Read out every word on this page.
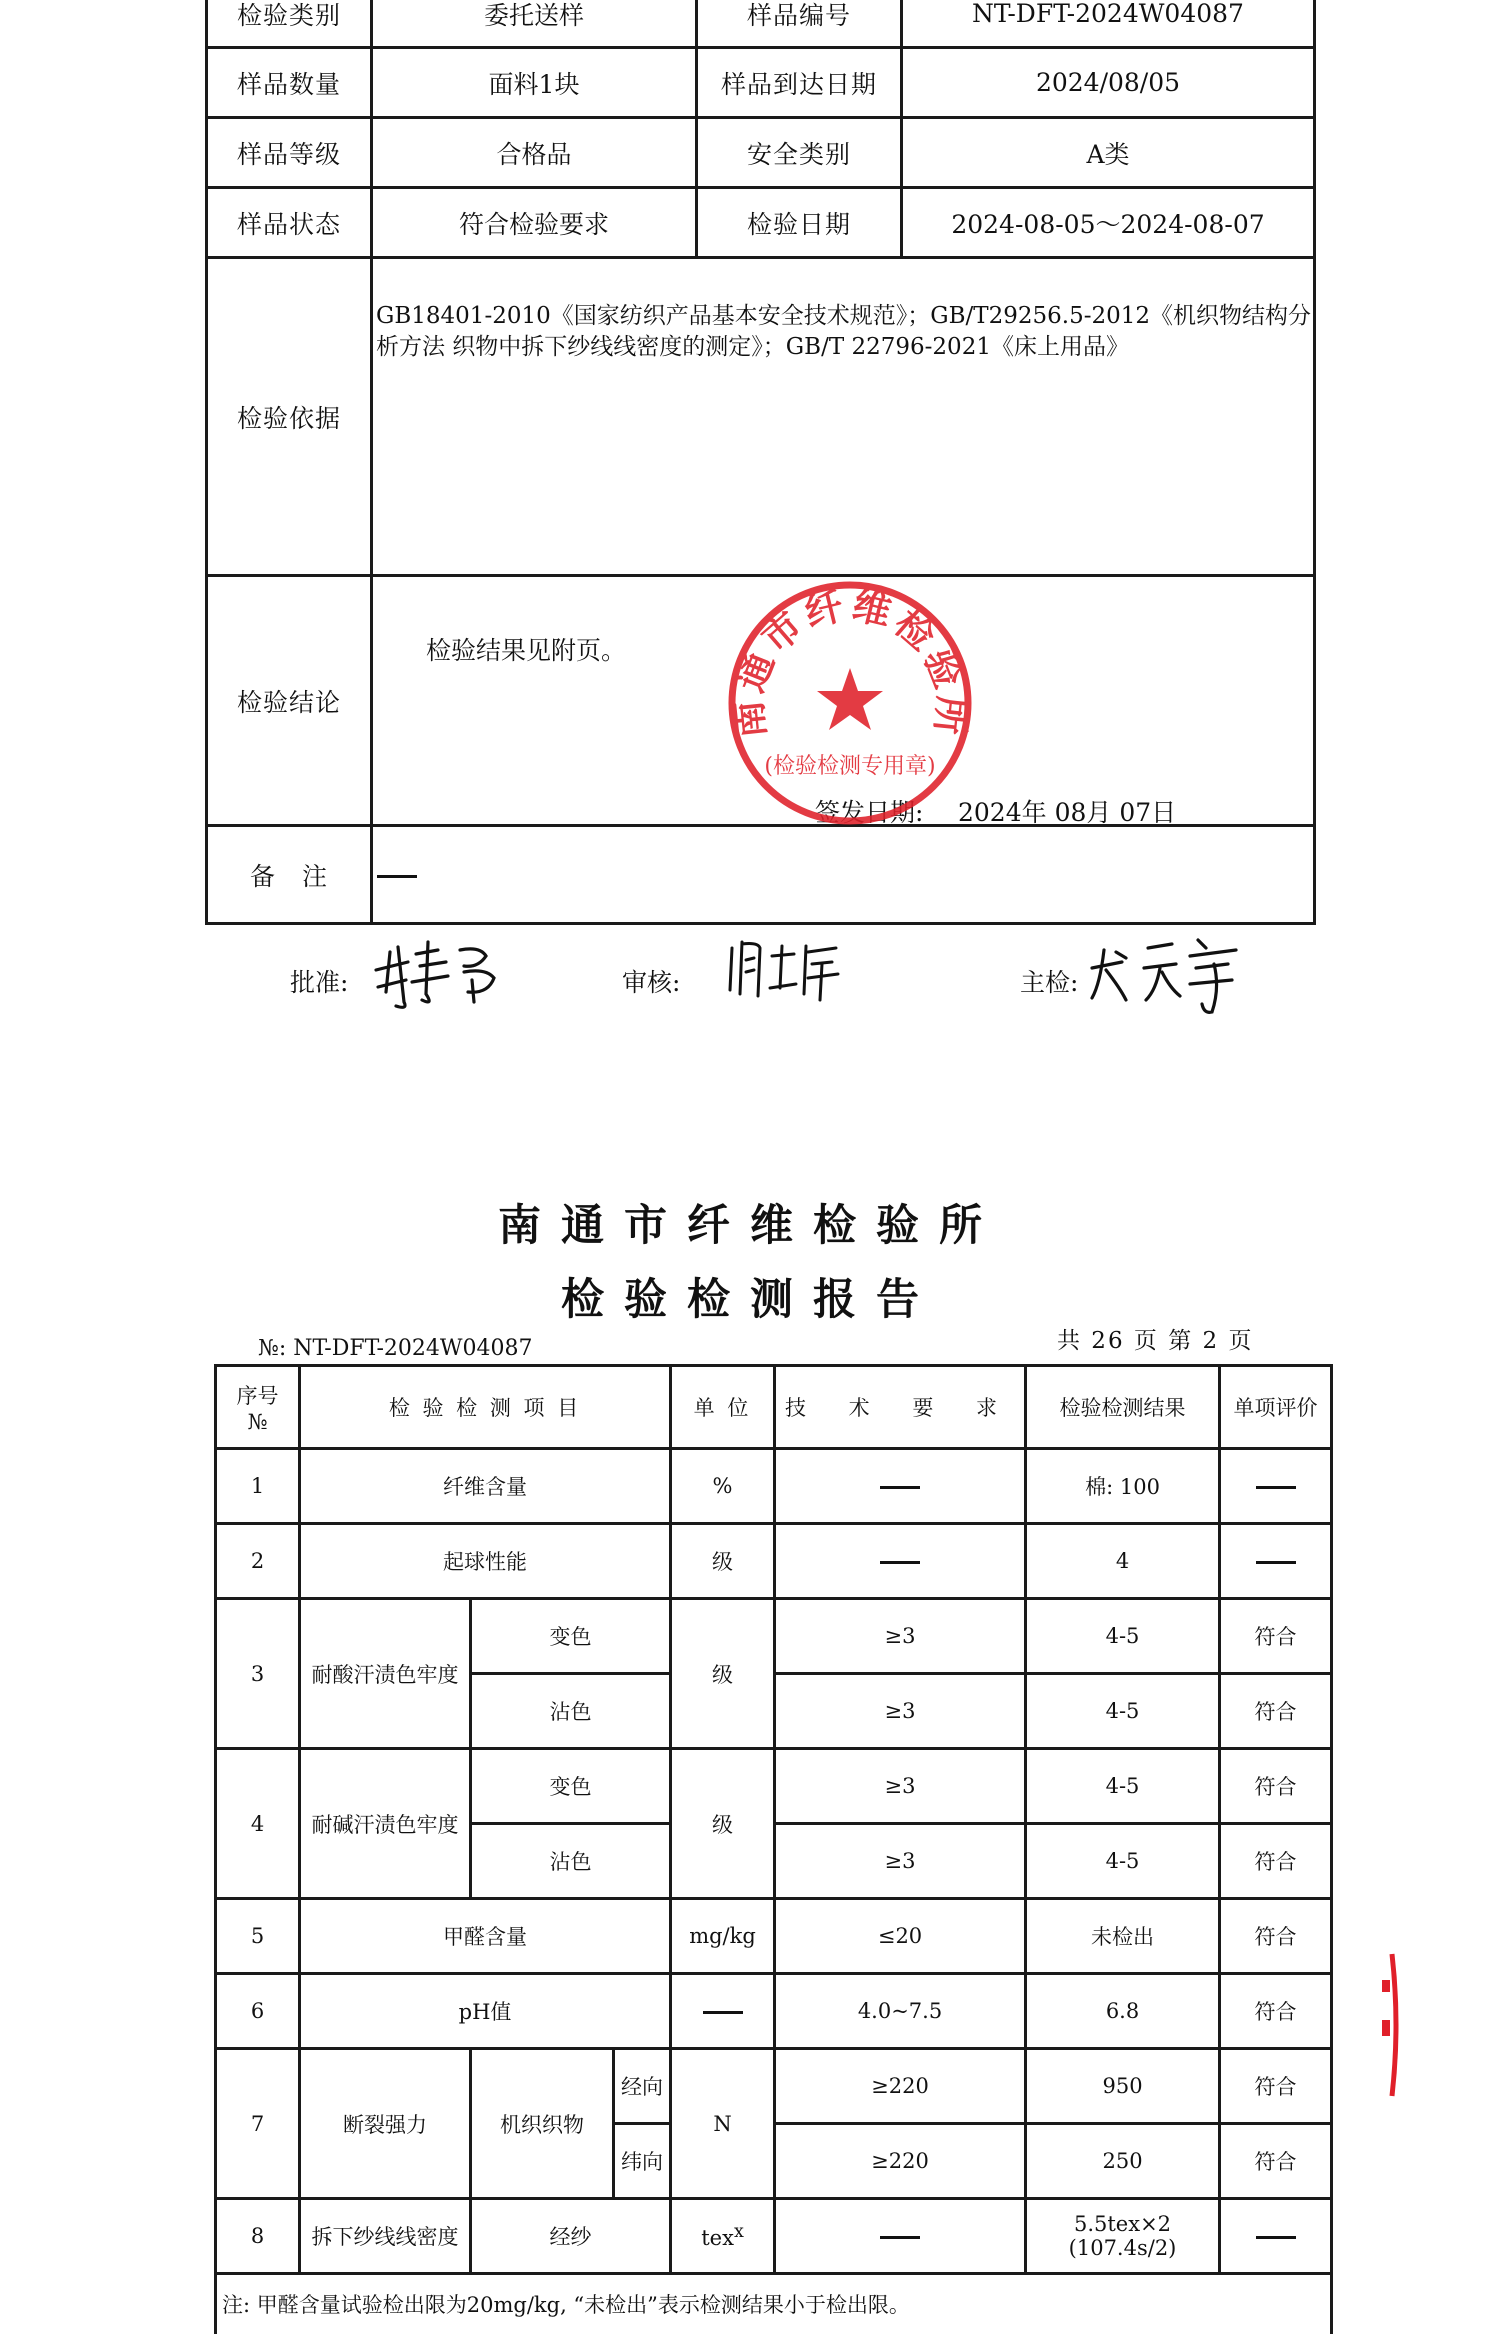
检验类别	委托送样	样品编号	NT-DFT-2024W04087
样品数量	面料1块	样品到达日期	2024/08/05
样品等级	合格品	安全类别	A类
样品状态	符合检验要求	检验日期	2024-08-05～2024-08-07
检验依据	GB18401-2010《国家纺织产品基本安全技术规范》；GB/T29256.5-2012《机织物结构分析方法 织物中拆下纱线线密度的测定》；GB/T 22796-2021《床上用品》		
检验结论	检验结果见附页。
签发日期: 2024年 08月 07日		

备　注			
南通市纤维检验所
(检验检测专用章)
批准:	审核:	主检:
南通市纤维检验所
检验检测报告
№: NT-DFT-2024W04087	共 26 页 第 2 页
序号
№	检 验 检 测 项 目			单 位	技 术 要 求	检验检测结果	单项评价
1	纤维含量			%		棉: 100	
2	起球性能			级		4	
3	耐酸汗渍色牢度	变色		级	≥3	4-5	符合
		沾色			≥3	4-5	符合
4	耐碱汗渍色牢度	变色		级	≥3	4-5	符合
		沾色			≥3	4-5	符合
5	甲醛含量			mg/kg	≤20	未检出	符合
6	pH值				4.0~7.5	6.8	符合
7	断裂强力	机织织物	经向	N	≥220	950	符合
			纬向		≥220	250	符合
8	拆下纱线线密度	经纱		tex$^x$		5.5tex×2
(107.4s/2)	

注: 甲醛含量试验检出限为20mg/kg, “未检出”表示检测结果小于检出限。							
